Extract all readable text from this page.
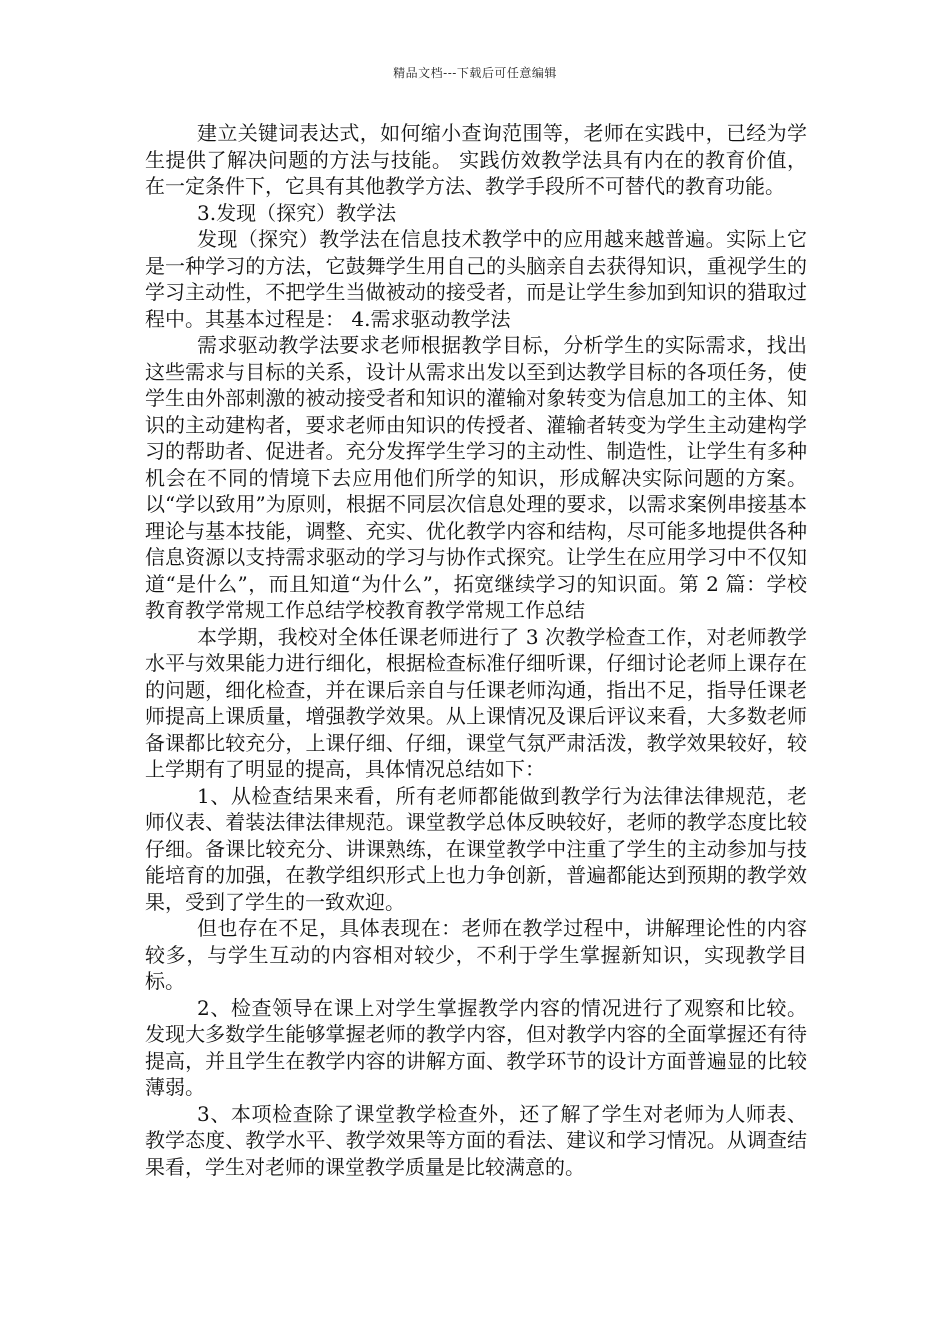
精品文档---下载后可任意编辑

建立关键词表达式，如何缩小查询范围等，老师在实践中，已经为学生提供了解决问题的方法与技能。 实践仿效教学法具有内在的教育价值，在一定条件下，它具有其他教学方法、教学手段所不可替代的教育功能。

3.发现（探究）教学法

发现（探究）教学法在信息技术教学中的应用越来越普遍。实际上它是一种学习的方法，它鼓舞学生用自己的头脑亲自去获得知识，重视学生的学习主动性，不把学生当做被动的接受者，而是让学生参加到知识的猎取过程中。其基本过程是： 4.需求驱动教学法

需求驱动教学法要求老师根据教学目标，分析学生的实际需求，找出这些需求与目标的关系，设计从需求出发以至到达教学目标的各项任务，使学生由外部刺激的被动接受者和知识的灌输对象转变为信息加工的主体、知识的主动建构者，要求老师由知识的传授者、灌输者转变为学生主动建构学习的帮助者、促进者。充分发挥学生学习的主动性、制造性，让学生有多种机会在不同的情境下去应用他们所学的知识，形成解决实际问题的方案。以“学以致用”为原则，根据不同层次信息处理的要求，以需求案例串接基本理论与基本技能，调整、充实、优化教学内容和结构，尽可能多地提供各种信息资源以支持需求驱动的学习与协作式探究。让学生在应用学习中不仅知道“是什么”，而且知道“为什么”，拓宽继续学习的知识面。第 2 篇：学校教育教学常规工作总结学校教育教学常规工作总结

本学期，我校对全体任课老师进行了 3 次教学检查工作，对老师教学水平与效果能力进行细化，根据检查标准仔细听课，仔细讨论老师上课存在的问题，细化检查，并在课后亲自与任课老师沟通，指出不足，指导任课老师提高上课质量，增强教学效果。从上课情况及课后评议来看，大多数老师备课都比较充分，上课仔细、仔细，课堂气氛严肃活泼，教学效果较好，较上学期有了明显的提高，具体情况总结如下：

1、从检查结果来看，所有老师都能做到教学行为法律法律规范，老师仪表、着装法律法律规范。课堂教学总体反映较好，老师的教学态度比较仔细。备课比较充分、讲课熟练，在课堂教学中注重了学生的主动参加与技能培育的加强，在教学组织形式上也力争创新，普遍都能达到预期的教学效果，受到了学生的一致欢迎。

但也存在不足，具体表现在：老师在教学过程中，讲解理论性的内容较多，与学生互动的内容相对较少，不利于学生掌握新知识，实现教学目标。

2、检查领导在课上对学生掌握教学内容的情况进行了观察和比较。发现大多数学生能够掌握老师的教学内容，但对教学内容的全面掌握还有待提高，并且学生在教学内容的讲解方面、教学环节的设计方面普遍显的比较薄弱。

3、本项检查除了课堂教学检查外，还了解了学生对老师为人师表、教学态度、教学水平、教学效果等方面的看法、建议和学习情况。从调查结果看，学生对老师的课堂教学质量是比较满意的。
